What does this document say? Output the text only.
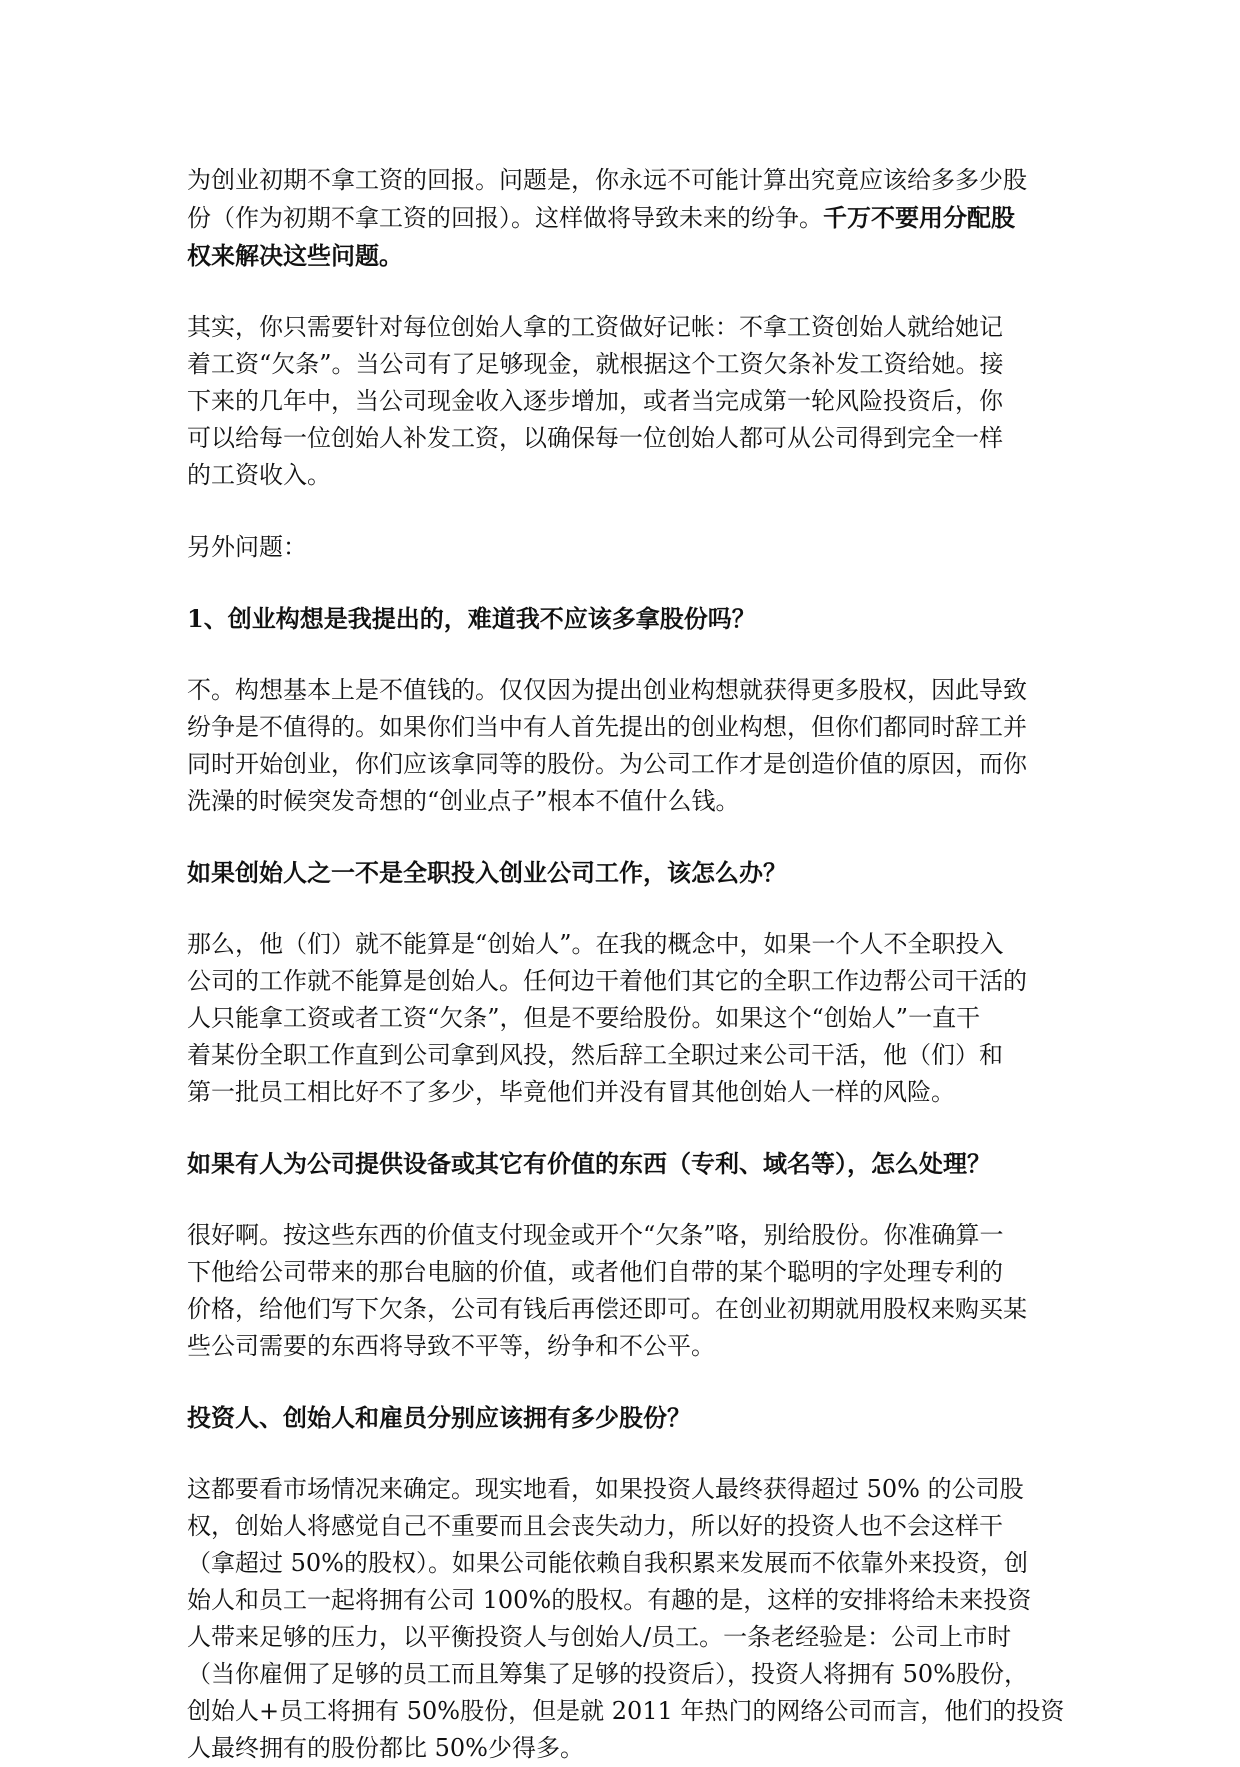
为创业初期不拿工资的回报。问题是，你永远不可能计算出究竟应该给多多少股
份（作为初期不拿工资的回报）。这样做将导致未来的纷争。千万不要用分配股
权来解决这些问题。

其实，你只需要针对每位创始人拿的工资做好记帐：不拿工资创始人就给她记
着工资“欠条”。当公司有了足够现金，就根据这个工资欠条补发工资给她。接
下来的几年中，当公司现金收入逐步增加，或者当完成第一轮风险投资后，你
可以给每一位创始人补发工资，以确保每一位创始人都可从公司得到完全一样
的工资收入。

另外问题：

1、创业构想是我提出的，难道我不应该多拿股份吗？

不。构想基本上是不值钱的。仅仅因为提出创业构想就获得更多股权，因此导致
纷争是不值得的。如果你们当中有人首先提出的创业构想，但你们都同时辞工并
同时开始创业，你们应该拿同等的股份。为公司工作才是创造价值的原因，而你
洗澡的时候突发奇想的“创业点子”根本不值什么钱。

如果创始人之一不是全职投入创业公司工作，该怎么办？

那么，他（们）就不能算是“创始人”。在我的概念中，如果一个人不全职投入
公司的工作就不能算是创始人。任何边干着他们其它的全职工作边帮公司干活的
人只能拿工资或者工资“欠条”，但是不要给股份。如果这个“创始人”一直干
着某份全职工作直到公司拿到风投，然后辞工全职过来公司干活，他（们）和
第一批员工相比好不了多少，毕竟他们并没有冒其他创始人一样的风险。

如果有人为公司提供设备或其它有价值的东西（专利、域名等），怎么处理？

很好啊。按这些东西的价值支付现金或开个“欠条”咯，别给股份。你准确算一
下他给公司带来的那台电脑的价值，或者他们自带的某个聪明的字处理专利的
价格，给他们写下欠条，公司有钱后再偿还即可。在创业初期就用股权来购买某
些公司需要的东西将导致不平等，纷争和不公平。

投资人、创始人和雇员分别应该拥有多少股份？

这都要看市场情况来确定。现实地看，如果投资人最终获得超过 50% 的公司股
权，创始人将感觉自己不重要而且会丧失动力，所以好的投资人也不会这样干
（拿超过 50%的股权）。如果公司能依赖自我积累来发展而不依靠外来投资，创
始人和员工一起将拥有公司 100%的股权。有趣的是，这样的安排将给未来投资
人带来足够的压力，以平衡投资人与创始人/员工。一条老经验是：公司上市时
（当你雇佣了足够的员工而且筹集了足够的投资后），投资人将拥有 50%股份，
创始人+员工将拥有 50%股份，但是就 2011 年热门的网络公司而言，他们的投资
人最终拥有的股份都比 50%少得多。
